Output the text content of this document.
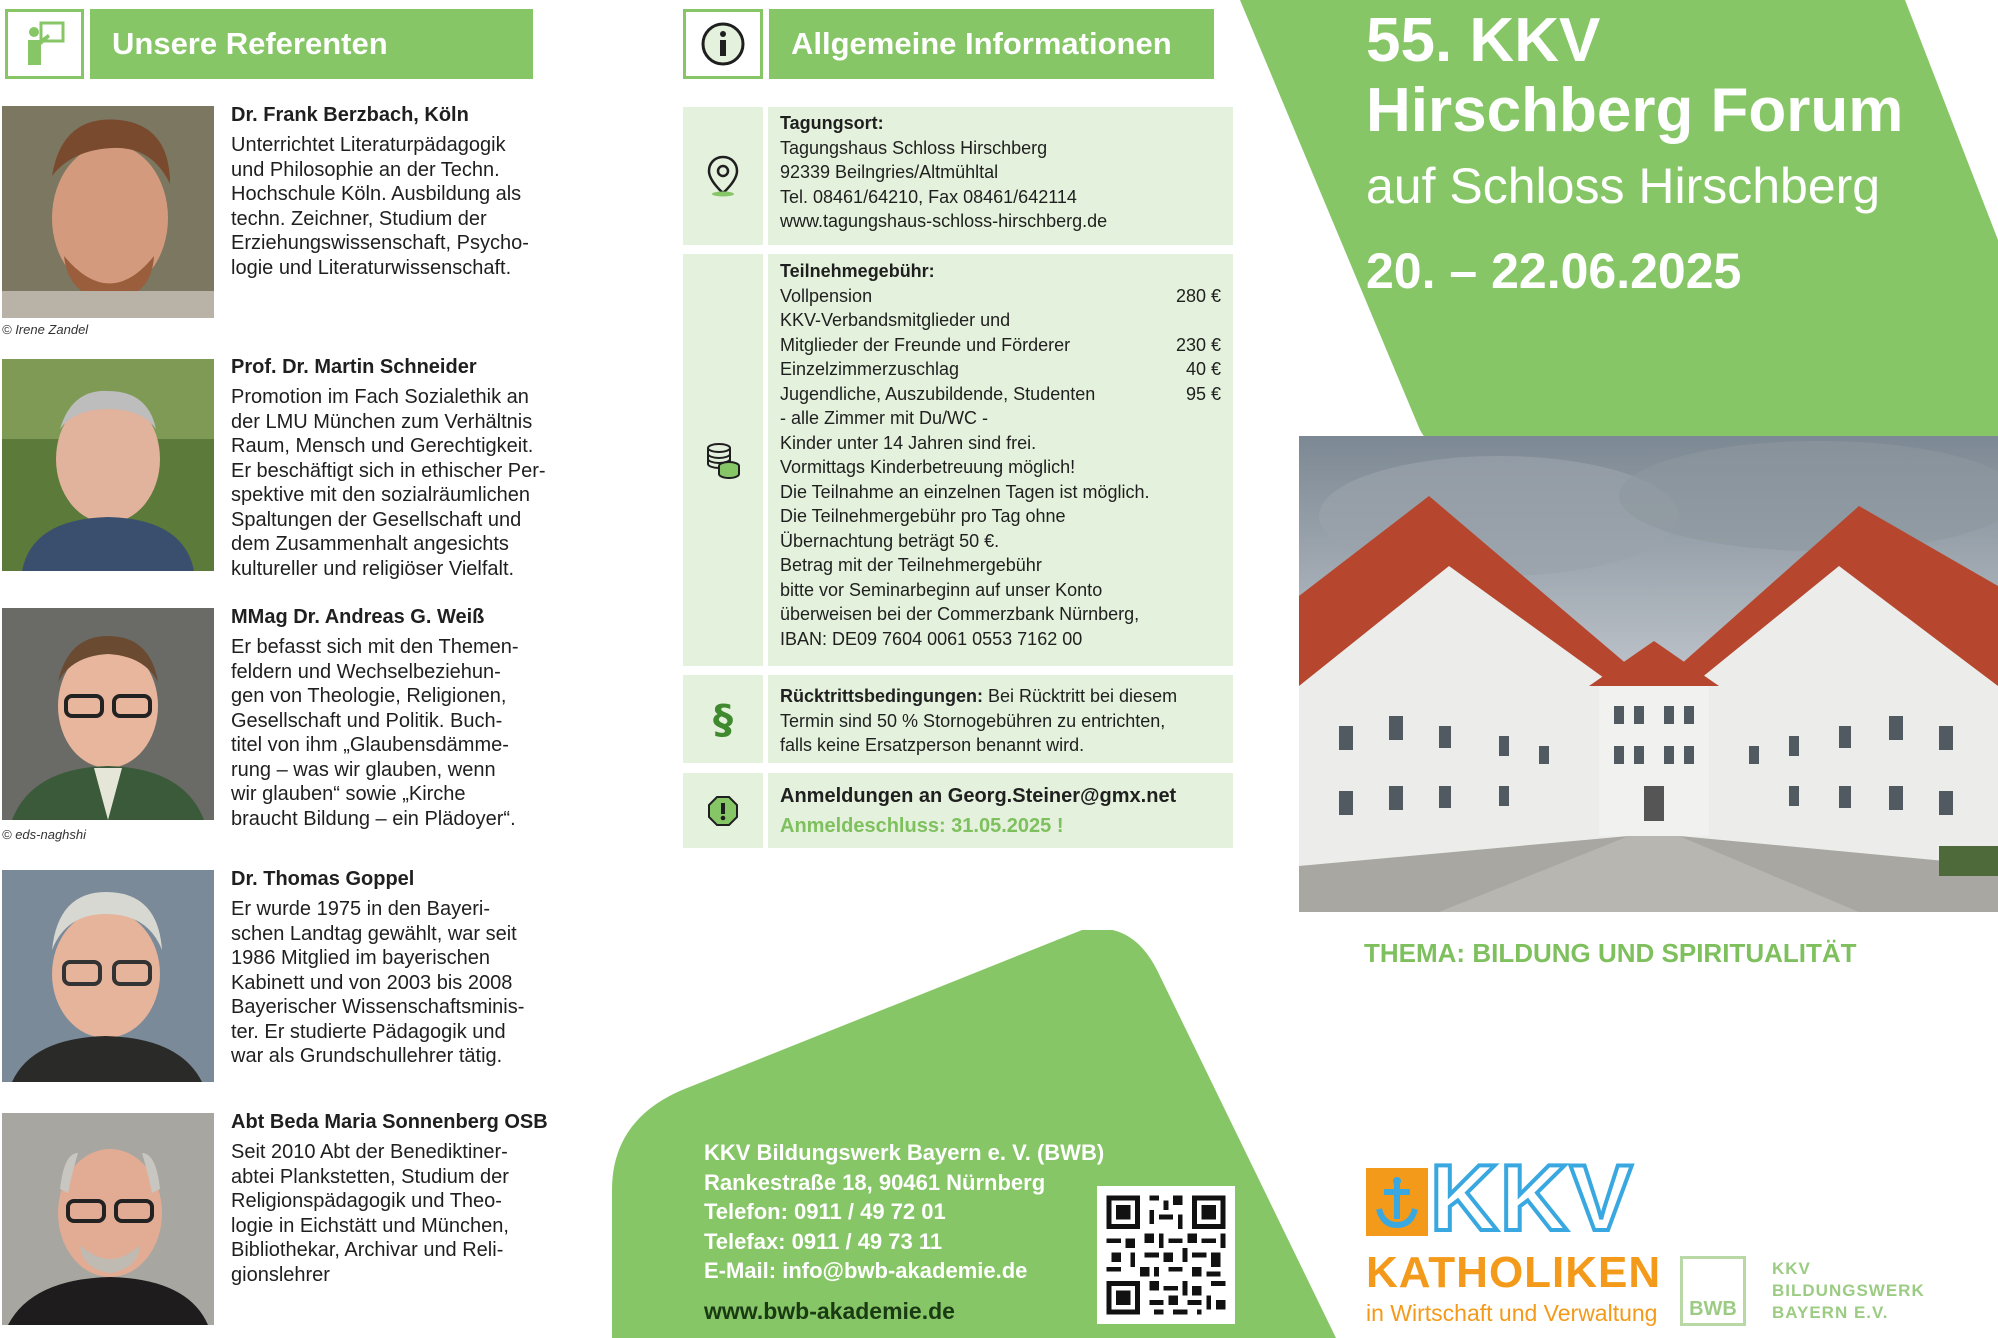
Unsere Referenten
© Irene Zandel
Dr. Frank Berzbach, Köln
Unterrichtet Literaturpädagogik
und Philosophie an der Techn.
Hochschule Köln. Ausbildung als
techn. Zeichner, Studium der
Erziehungswissenschaft, Psycho-
logie und Literaturwissenschaft.
Prof. Dr. Martin Schneider
Promotion im Fach Sozialethik an
der LMU München zum Verhältnis
Raum, Mensch und Gerechtigkeit.
Er beschäftigt sich in ethischer Per-
spektive mit den sozialräumlichen
Spaltungen der Gesellschaft und
dem Zusammenhalt angesichts
kultureller und religiöser Vielfalt.
© eds-naghshi
MMag Dr. Andreas G. Weiß
Er befasst sich mit den Themen-
feldern und Wechselbeziehun-
gen von Theologie, Religionen,
Gesellschaft und Politik. Buch-
titel von ihm „Glaubensdämme-
rung – was wir glauben, wenn
wir glauben“ sowie „Kirche
braucht Bildung – ein Plädoyer“.
Dr. Thomas Goppel
Er wurde 1975 in den Bayeri-
schen Landtag gewählt, war seit
1986 Mitglied im bayerischen
Kabinett und von 2003 bis 2008
Bayerischer Wissenschaftsminis-
ter. Er studierte Pädagogik und
war als Grundschullehrer tätig.
Abt Beda Maria Sonnenberg OSB
Seit 2010 Abt der Benediktiner-
abtei Plankstetten, Studium der
Religionspädagogik und Theo-
logie in Eichstätt und München,
Bibliothekar, Archivar und Reli-
gionslehrer
Allgemeine Informationen
Tagungsort:
Tagungshaus Schloss Hirschberg
92339 Beilngries/Altmühltal
Tel. 08461/64210, Fax 08461/642114
www.tagungshaus-schloss-hirschberg.de
Teilnehmegebühr:
Vollpension	280 €
KKV-Verbandsmitglieder und
Mitglieder der Freunde und Förderer	230 €
Einzelzimmerzuschlag	40 €
Jugendliche, Auszubildende, Studenten	95 €
- alle Zimmer mit Du/WC -
Kinder unter 14 Jahren sind frei.
Vormittags Kinderbetreuung möglich!
Die Teilnahme an einzelnen Tagen ist möglich.
Die Teilnehmergebühr pro Tag ohne
Übernachtung beträgt 50 €.
Betrag mit der Teilnehmergebühr
bitte vor Seminarbeginn auf unser Konto
überweisen bei der Commerzbank Nürnberg,
IBAN: DE09 7604 0061 0553 7162 00
§
Rücktrittsbedingungen: Bei Rücktritt bei diesem
Termin sind 50 % Stornogebühren zu entrichten,
falls keine Ersatzperson benannt wird.
Anmeldungen an Georg.Steiner@gmx.net
Anmeldeschluss: 31.05.2025 !
KKV Bildungswerk Bayern e. V. (BWB)
Rankestraße 18, 90461 Nürnberg
Telefon: 0911 / 49 72 01
Telefax: 0911 / 49 73 11
E-Mail: info@bwb-akademie.de
www.bwb-akademie.de
55. KKV
Hirschberg Forum
auf Schloss Hirschberg
20. – 22.06.2025
THEMA: BILDUNG UND SPIRITUALITÄT
KKV
KATHOLIKEN
in Wirtschaft und Verwaltung BWB
KKV
BILDUNGSWERK
BAYERN E.V.
